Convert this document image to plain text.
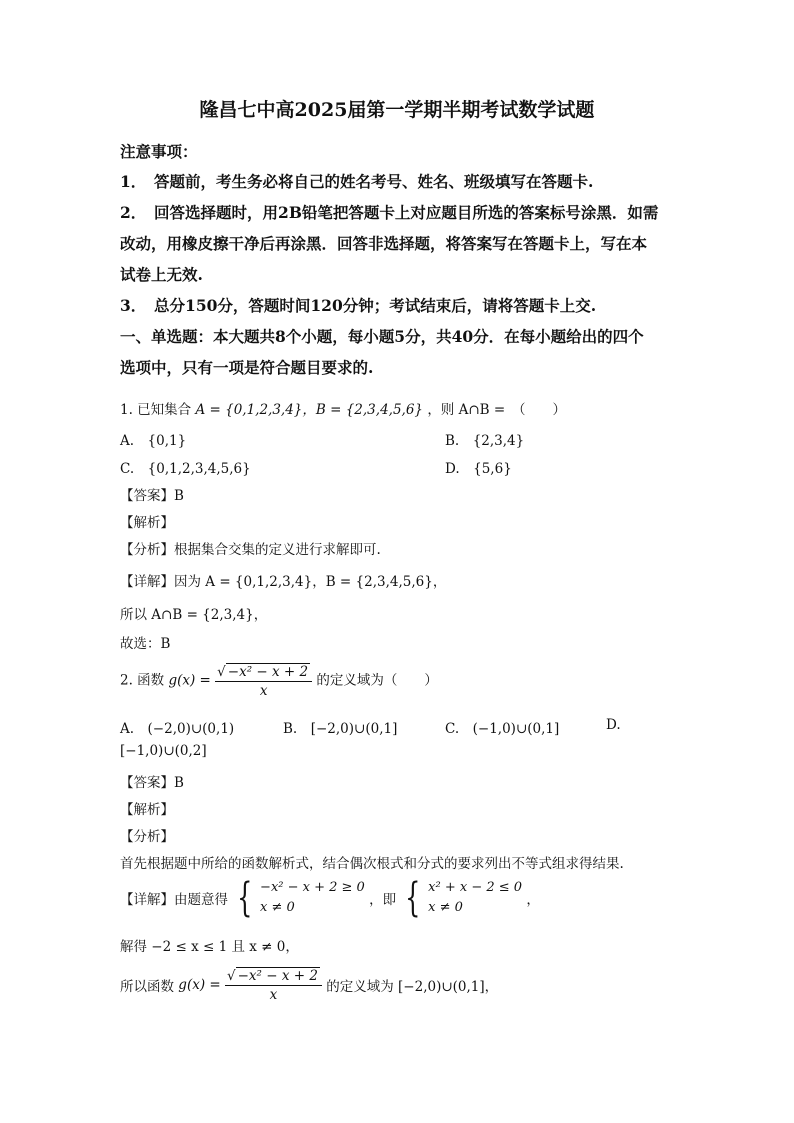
隆昌七中高2025届第一学期半期考试数学试题
注意事项：
1．　答题前，考生务必将自己的姓名考号、姓名、班级填写在答题卡.
2．　回答选择题时，用2B铅笔把答题卡上对应题目所选的答案标号涂黑．如需
改动，用橡皮擦干净后再涂黑．回答非选择题，将答案写在答题卡上，写在本
试卷上无效.
3．　总分150分，答题时间120分钟；考试结束后，请将答题卡上交.
一、单选题：本大题共8个小题，每小题5分，共40分．在每小题给出的四个
选项中，只有一项是符合题目要求的.
1. 已知集合 A = {0,1,2,3,4}，B = {2,3,4,5,6} ，则 A∩B =　（　　）
A.　{0,1}	B.　{2,3,4}
C.　{0,1,2,3,4,5,6}	D.　{5,6}
【答案】B
【解析】
【分析】根据集合交集的定义进行求解即可.
【详解】因为 A = {0,1,2,3,4}，B = {2,3,4,5,6}，
所以 A∩B = {2,3,4}，
故选：B
2. 函数 $g(x) = \frac{\text{√ −x² − x + 2}}{x}$ 的定义域为（　　）
A.　(−2,0)∪(0,1)	B.　[−2,0)∪(0,1]	C.　(−1,0)∪(0,1]	D.
[−1,0)∪(0,2]
【答案】B
【解析】
【分析】
首先根据题中所给的函数解析式，结合偶次根式和分式的要求列出不等式组求得结果.
【详解】由题意得 { −x² − x + 2 ≥ 0
x ≠ 0	，即 { x² + x − 2 ≤ 0
x ≠ 0	，
解得 −2 ≤ x ≤ 1 且 x ≠ 0，
所以函数 $g(x) = \frac{\text{√ −x² − x + 2}}{x}$ 的定义域为 [−2,0)∪(0,1]，
